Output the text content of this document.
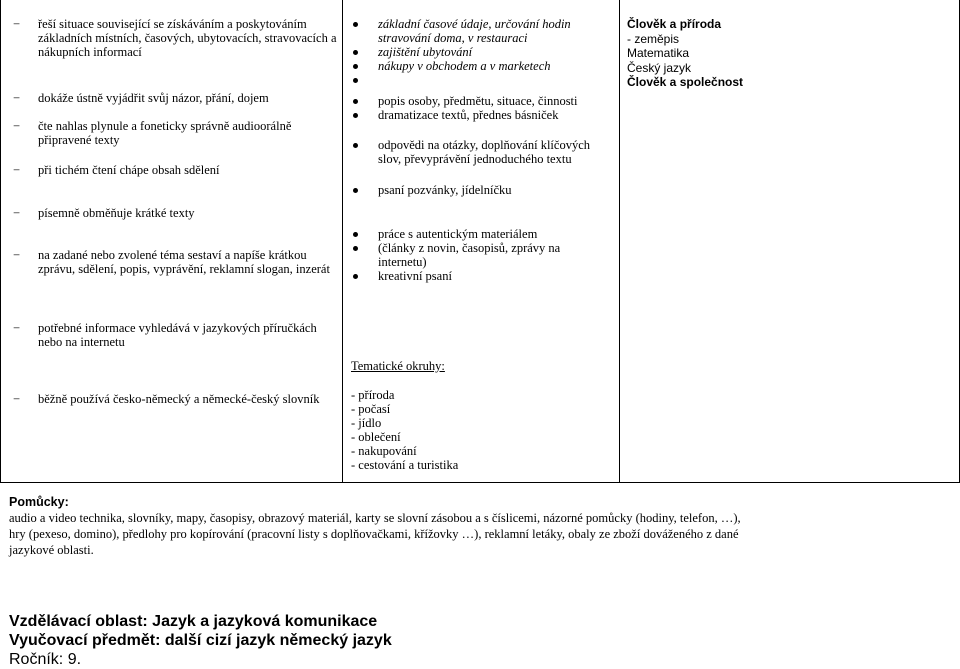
− řeší situace související se získáváním a poskytováním
základních místních, časových, ubytovacích, stravovacích a
nákupních informací
− dokáže ústně vyjádřit svůj názor, přání, dojem
− čte nahlas plynule a foneticky správně audioorálně
připravené texty
− při tichém čtení chápe obsah sdělení
− písemně obměňuje krátké texty
− na zadané nebo zvolené téma sestaví a napíše krátkou
zprávu, sdělení, popis, vyprávění, reklamní slogan, inzerát
− potřebné informace vyhledává v jazykových příručkách
nebo na internetu
− běžně používá česko-německý a německé-český slovník
základní časové údaje, určování hodin
stravování doma, v restauraci
zajištění ubytování
nákupy v obchodem a v marketech
popis osoby, předmětu, situace, činnosti
dramatizace textů, přednes básniček
odpovědi na otázky, doplňování klíčových
slov, převyprávění jednoduchého textu
psaní pozvánky, jídelníčku
práce s autentickým materiálem
(články z novin, časopisů, zprávy na
internetu)
kreativní psaní
Tematické okruhy:
- příroda
- počasí
- jídlo
- oblečení
- nakupování
- cestování a turistika
Člověk a příroda
- zeměpis
Matematika
Český jazyk
Člověk a společnost
Pomůcky:
audio a video technika, slovníky, mapy, časopisy, obrazový materiál, karty se slovní zásobou a s číslicemi, názorné pomůcky (hodiny, telefon, …),
hry (pexeso, domino), předlohy pro kopírování (pracovní listy s doplňovačkami, křížovky …), reklamní letáky, obaly ze zboží dováženého z dané
jazykové oblasti.
Vzdělávací oblast: Jazyk a jazyková komunikace
Vyučovací předmět: další cizí jazyk německý jazyk
Ročník: 9.
